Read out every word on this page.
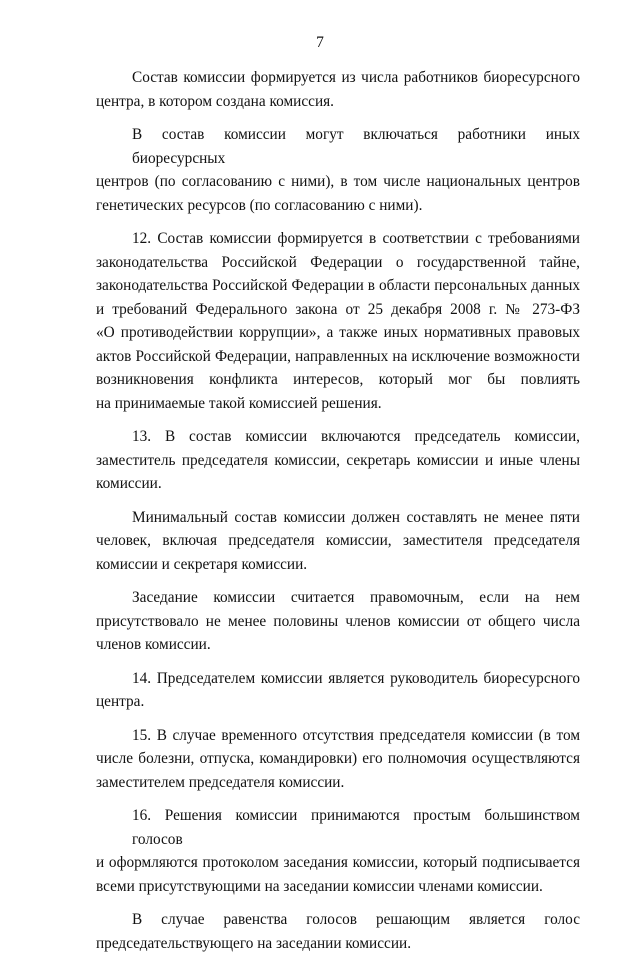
7

Состав комиссии формируется из числа работников биоресурсного
центра, в котором создана комиссия.

В состав комиссии могут включаться работники иных биоресурсных
центров (по согласованию с ними), в том числе национальных центров
генетических ресурсов (по согласованию с ними).

12. Состав комиссии формируется в соответствии с требованиями
законодательства Российской Федерации о государственной тайне,
законодательства Российской Федерации в области персональных данных
и требований Федерального закона от 25 декабря 2008 г. № 273-ФЗ
«О противодействии коррупции», а также иных нормативных правовых
актов Российской Федерации, направленных на исключение возможности
возникновения конфликта интересов, который мог бы повлиять
на принимаемые такой комиссией решения.

13. В состав комиссии включаются председатель комиссии,
заместитель председателя комиссии, секретарь комиссии и иные члены
комиссии.

Минимальный состав комиссии должен составлять не менее пяти
человек, включая председателя комиссии, заместителя председателя
комиссии и секретаря комиссии.

Заседание комиссии считается правомочным, если на нем
присутствовало не менее половины членов комиссии от общего числа
членов комиссии.

14. Председателем комиссии является руководитель биоресурсного
центра.

15. В случае временного отсутствия председателя комиссии (в том
числе болезни, отпуска, командировки) его полномочия осуществляются
заместителем председателя комиссии.

16. Решения комиссии принимаются простым большинством голосов
и оформляются протоколом заседания комиссии, который подписывается
всеми присутствующими на заседании комиссии членами комиссии.

В случае равенства голосов решающим является голос
председательствующего на заседании комиссии.
